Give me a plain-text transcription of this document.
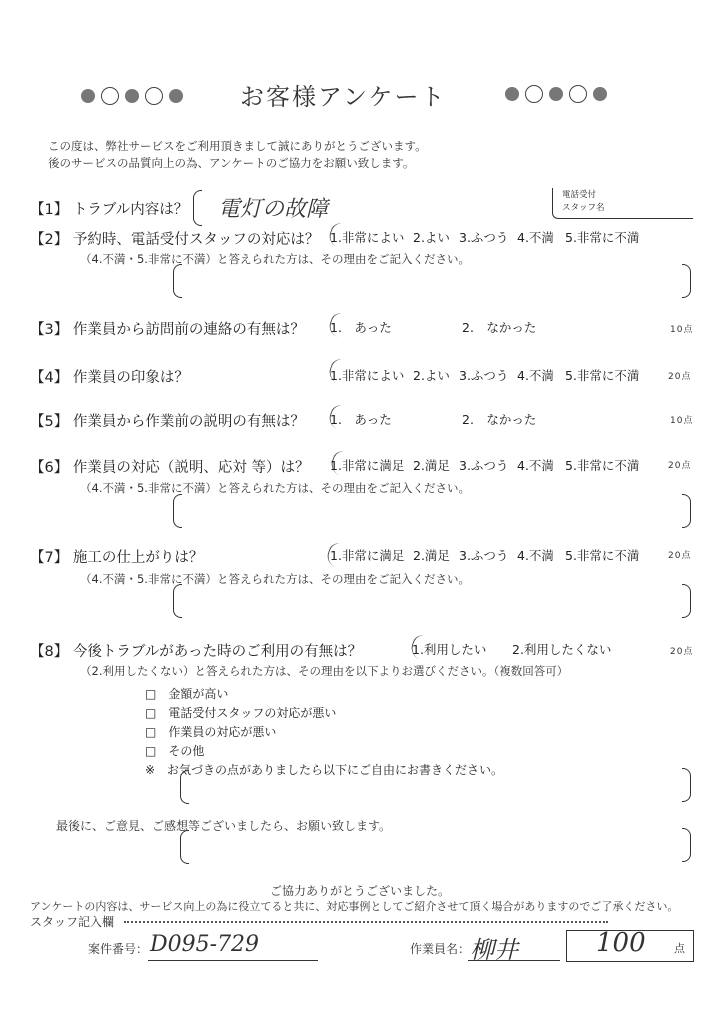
お客様アンケート
この度は、弊社サービスをご利用頂きまして誠にありがとうございます。
後のサービスの品質向上の為、アンケートのご協力をお願い致します。
電話受付
スタッフ名
【1】 トラブル内容は？ 電灯の故障
【2】 予約時、電話受付スタッフの対応は？ 1.非常によい 2.よい 3.ふつう 4.不満 5.非常に不満
（4.不満・5.非常に不満）と答えられた方は、その理由をご記入ください。
【3】 作業員から訪問前の連絡の有無は？ 1.　あった	2.　なかった	10点
【4】 作業員の印象は？	1.非常によい 2.よい 3.ふつう 4.不満 5.非常に不満	20点
【5】 作業員から作業前の説明の有無は？ 1.　あった	2.　なかった	10点
【6】 作業員の対応（説明、応対 等）は？ 1.非常に満足 2.満足 3.ふつう 4.不満 5.非常に不満	20点
（4.不満・5.非常に不満）と答えられた方は、その理由をご記入ください。
【7】 施工の仕上がりは？	1.非常に満足 2.満足 3.ふつう 4.不満 5.非常に不満	20点
（4.不満・5.非常に不満）と答えられた方は、その理由をご記入ください。
【8】 今後トラブルがあった時のご利用の有無は？	1.利用したい 2.利用したくない	20点
（2.利用したくない）と答えられた方は、その理由を以下よりお選びください。（複数回答可）
□　金額が高い
□　電話受付スタッフの対応が悪い
□　作業員の対応が悪い
□　その他
※　お気づきの点がありましたら以下にご自由にお書きください。
最後に、ご意見、ご感想等ございましたら、お願い致します。
ご協力ありがとうございました。
アンケートの内容は、サービス向上の為に役立てると共に、対応事例としてご紹介させて頂く場合がありますのでご了承ください。
スタッフ記入欄
案件番号： D095-729	作業員名： 柳井	100	点
